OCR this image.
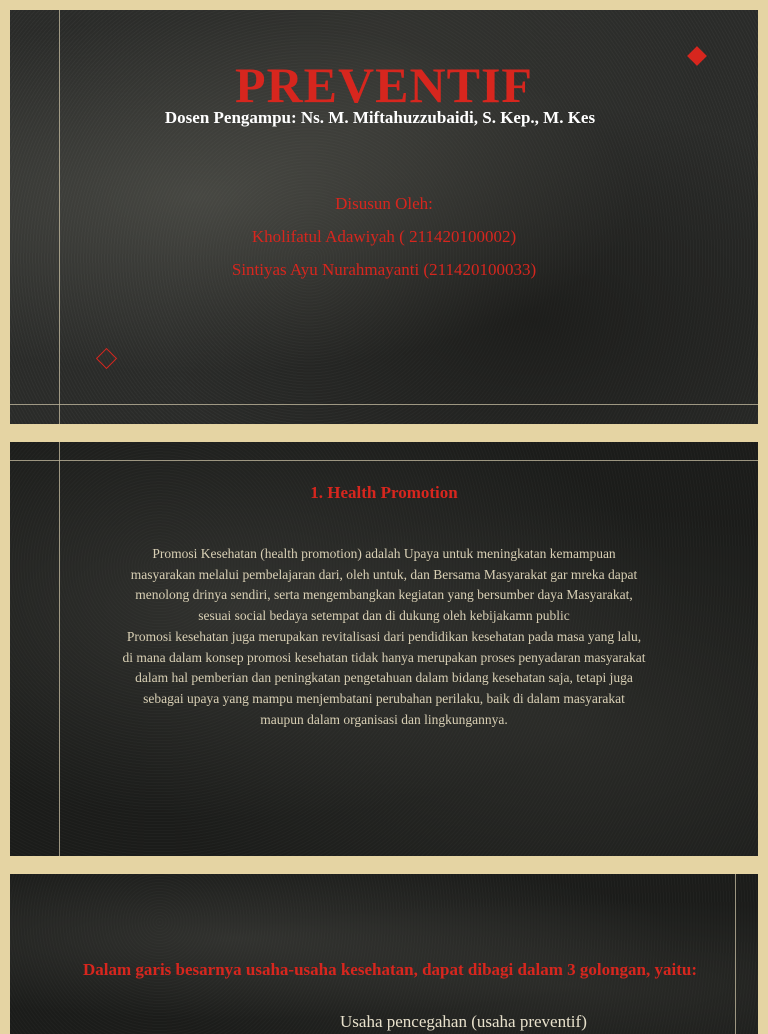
PREVENTIF
Dosen Pengampu: Ns. M. Miftahuzzubaidi, S. Kep., M. Kes
Disusun Oleh:
Kholifatul Adawiyah ( 211420100002)
Sintiyas Ayu Nurahmayanti (211420100033)
1. Health Promotion

Promosi Kesehatan (health promotion) adalah Upaya untuk meningkatan kemampuan masyarakan melalui pembelajaran dari, oleh untuk, dan Bersama Masyarakat gar mreka dapat menolong drinya sendiri, serta mengembangkan kegiatan yang bersumber daya Masyarakat, sesuai social bedaya setempat dan di dukung oleh kebijakamn public

Promosi kesehatan juga merupakan revitalisasi dari pendidikan kesehatan pada masa yang lalu, di mana dalam konsep promosi kesehatan tidak hanya merupakan proses penyadaran masyarakat dalam hal pemberian dan peningkatan pengetahuan dalam bidang kesehatan saja, tetapi juga sebagai upaya yang mampu menjembatani perubahan perilaku, baik di dalam masyarakat maupun dalam organisasi dan lingkungannya.

Dalam garis besarnya usaha-usaha kesehatan, dapat dibagi dalam 3 golongan, yaitu:
Usaha pencegahan (usaha preventif)
